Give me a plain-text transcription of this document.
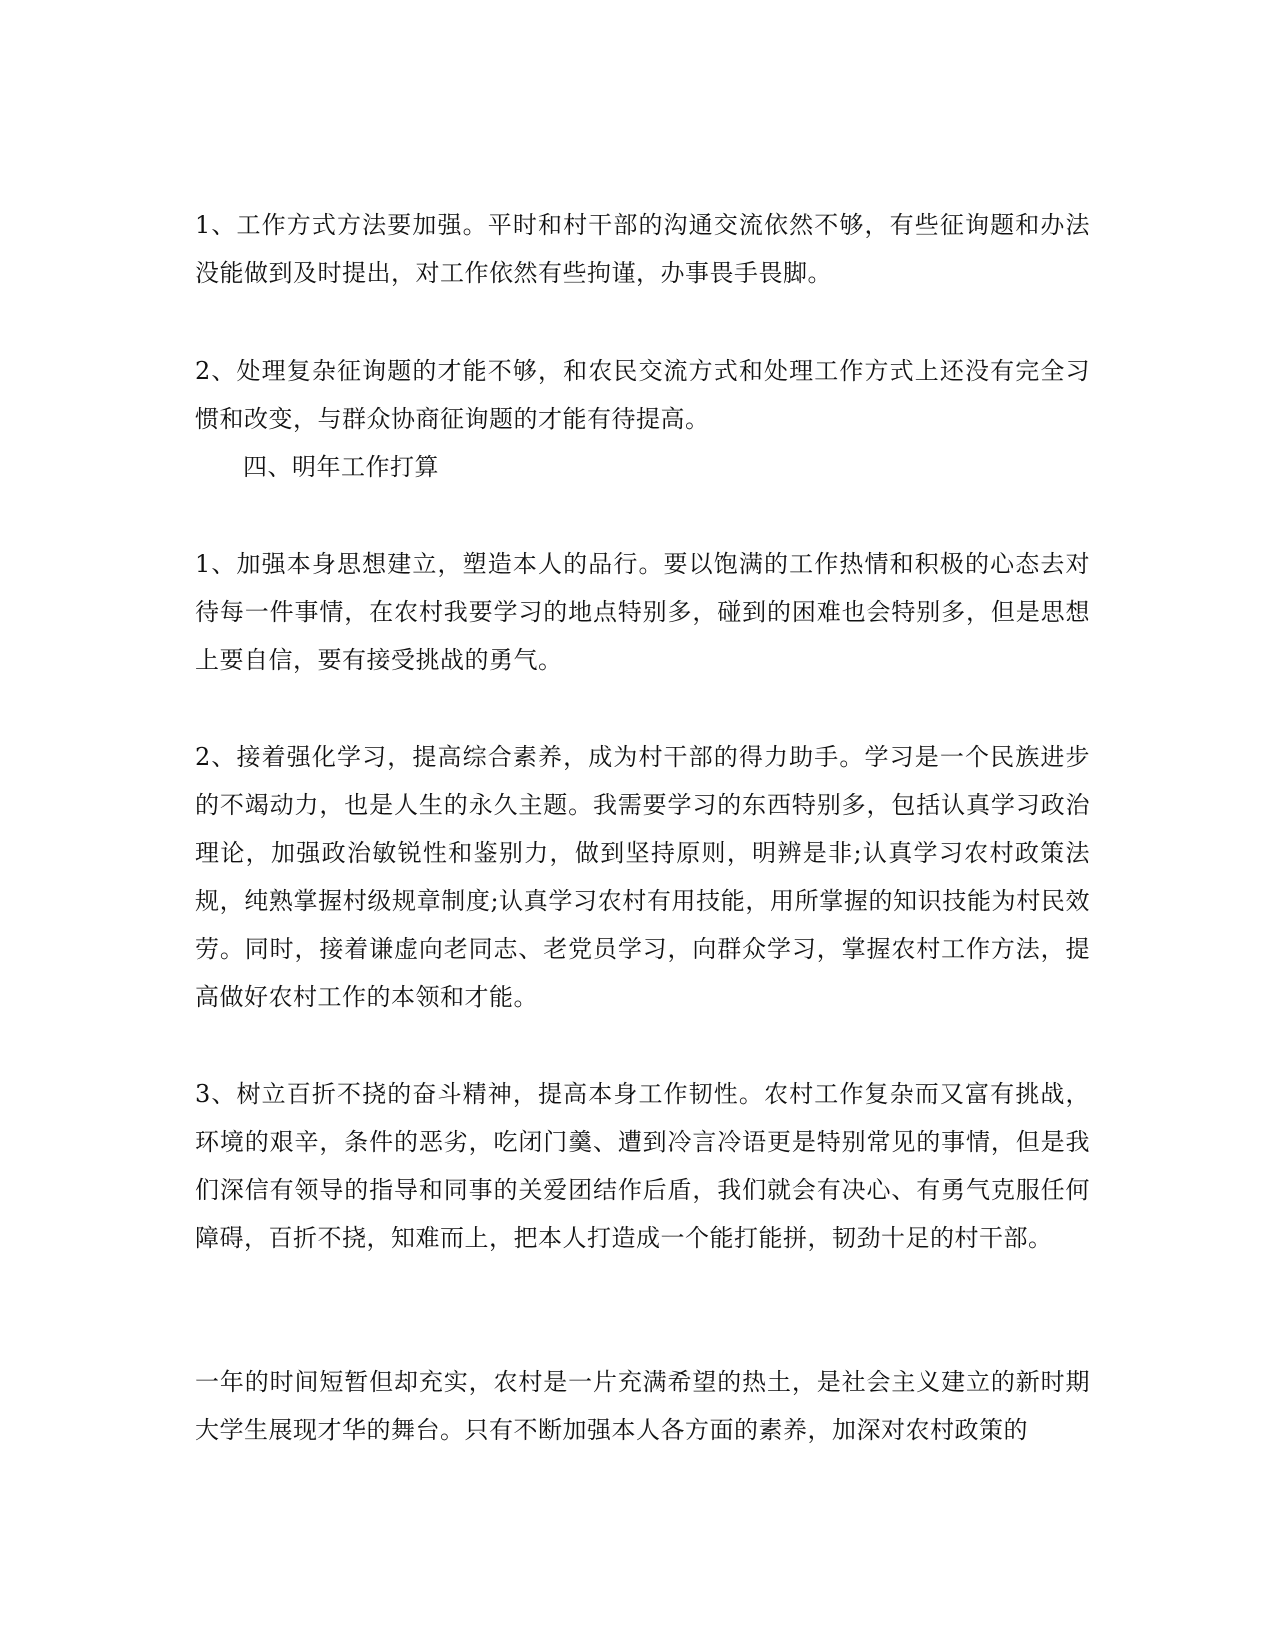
1、工作方式方法要加强。平时和村干部的沟通交流依然不够，有些征询题和办法没能做到及时提出，对工作依然有些拘谨，办事畏手畏脚。

2、处理复杂征询题的才能不够，和农民交流方式和处理工作方式上还没有完全习惯和改变，与群众协商征询题的才能有待提高。

四、明年工作打算

1、加强本身思想建立，塑造本人的品行。要以饱满的工作热情和积极的心态去对待每一件事情，在农村我要学习的地点特别多，碰到的困难也会特别多，但是思想上要自信，要有接受挑战的勇气。

2、接着强化学习，提高综合素养，成为村干部的得力助手。学习是一个民族进步的不竭动力，也是人生的永久主题。我需要学习的东西特别多，包括认真学习政治理论，加强政治敏锐性和鉴别力，做到坚持原则，明辨是非;认真学习农村政策法规，纯熟掌握村级规章制度;认真学习农村有用技能，用所掌握的知识技能为村民效劳。同时，接着谦虚向老同志、老党员学习，向群众学习，掌握农村工作方法，提高做好农村工作的本领和才能。

3、树立百折不挠的奋斗精神，提高本身工作韧性。农村工作复杂而又富有挑战，环境的艰辛，条件的恶劣，吃闭门羹、遭到冷言冷语更是特别常见的事情，但是我们深信有领导的指导和同事的关爱团结作后盾，我们就会有决心、有勇气克服任何障碍，百折不挠，知难而上，把本人打造成一个能打能拼，韧劲十足的村干部。

一年的时间短暂但却充实，农村是一片充满希望的热土，是社会主义建立的新时期大学生展现才华的舞台。只有不断加强本人各方面的素养，加深对农村政策的
